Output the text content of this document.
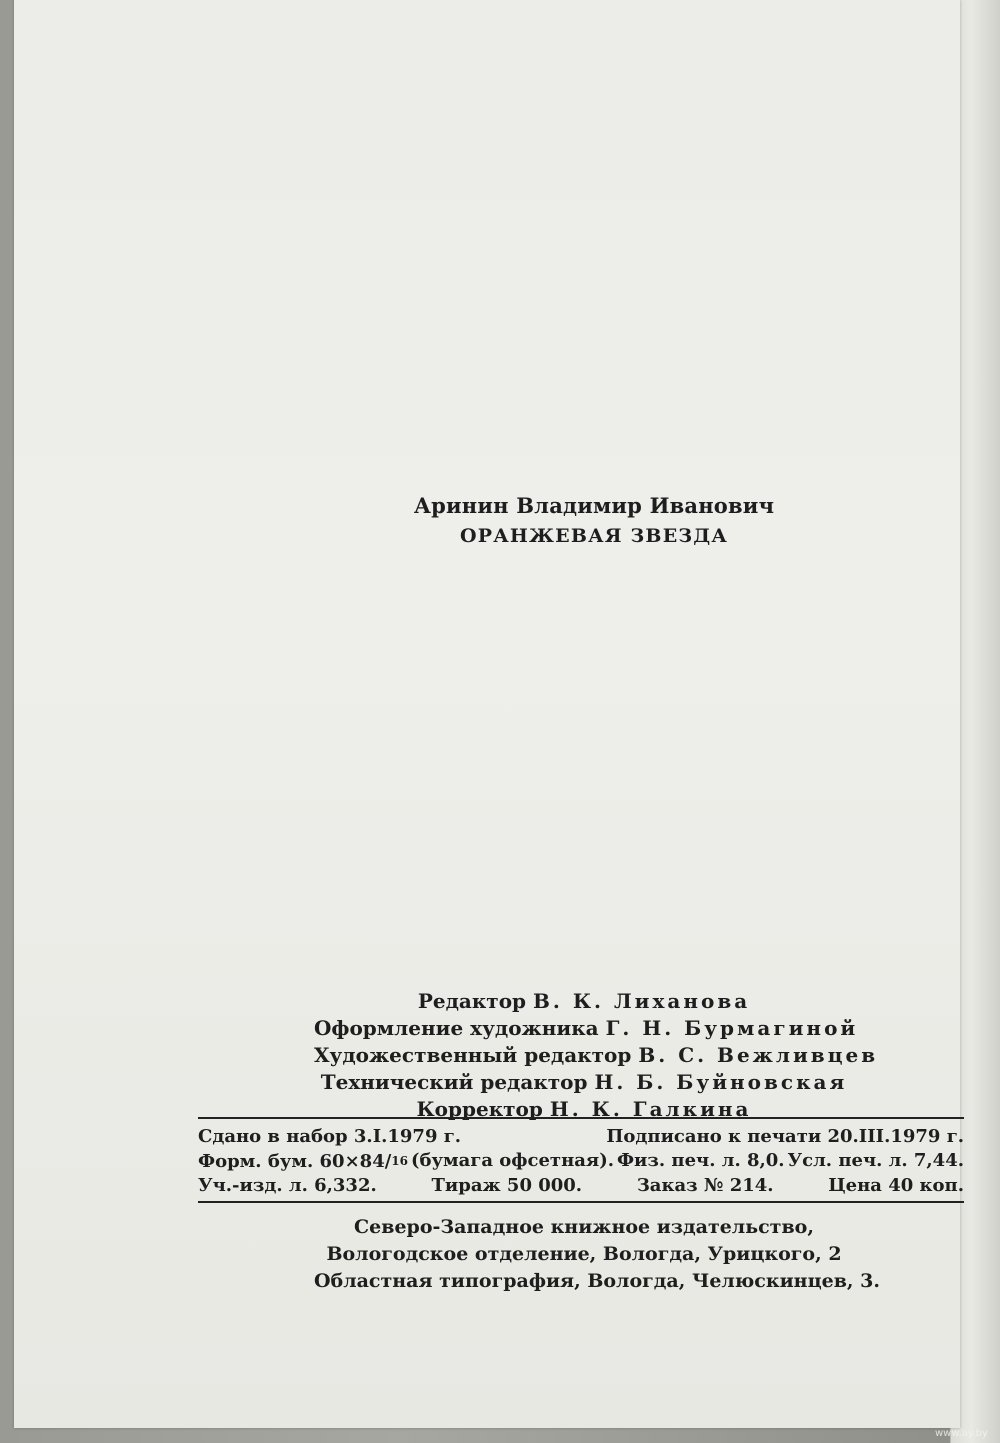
Аринин Владимир Иванович
ОРАНЖЕВАЯ ЗВЕЗДА
Редактор В. К. Лиханова
Оформление художника Г. Н. Бурмагиной
Художественный редактор В. С. Вежливцев
Технический редактор Н. Б. Буйновская
Корректор Н. К. Галкина
Сдано в набор 3.I.1979 г.	Подписано к печати 20.III.1979 г.
Форм. бум. 60×84/16 (бумага офсетная). Физ. печ. л. 8,0. Усл. печ. л. 7,44.
Уч.-изд. л. 6,332.	Тираж 50 000.	Заказ № 214.	Цена 40 коп.
Северо-Западное книжное издательство,
Вологодское отделение, Вологда, Урицкого, 2
Областная типография, Вологда, Челюскинцев, 3.
www.ay.by
